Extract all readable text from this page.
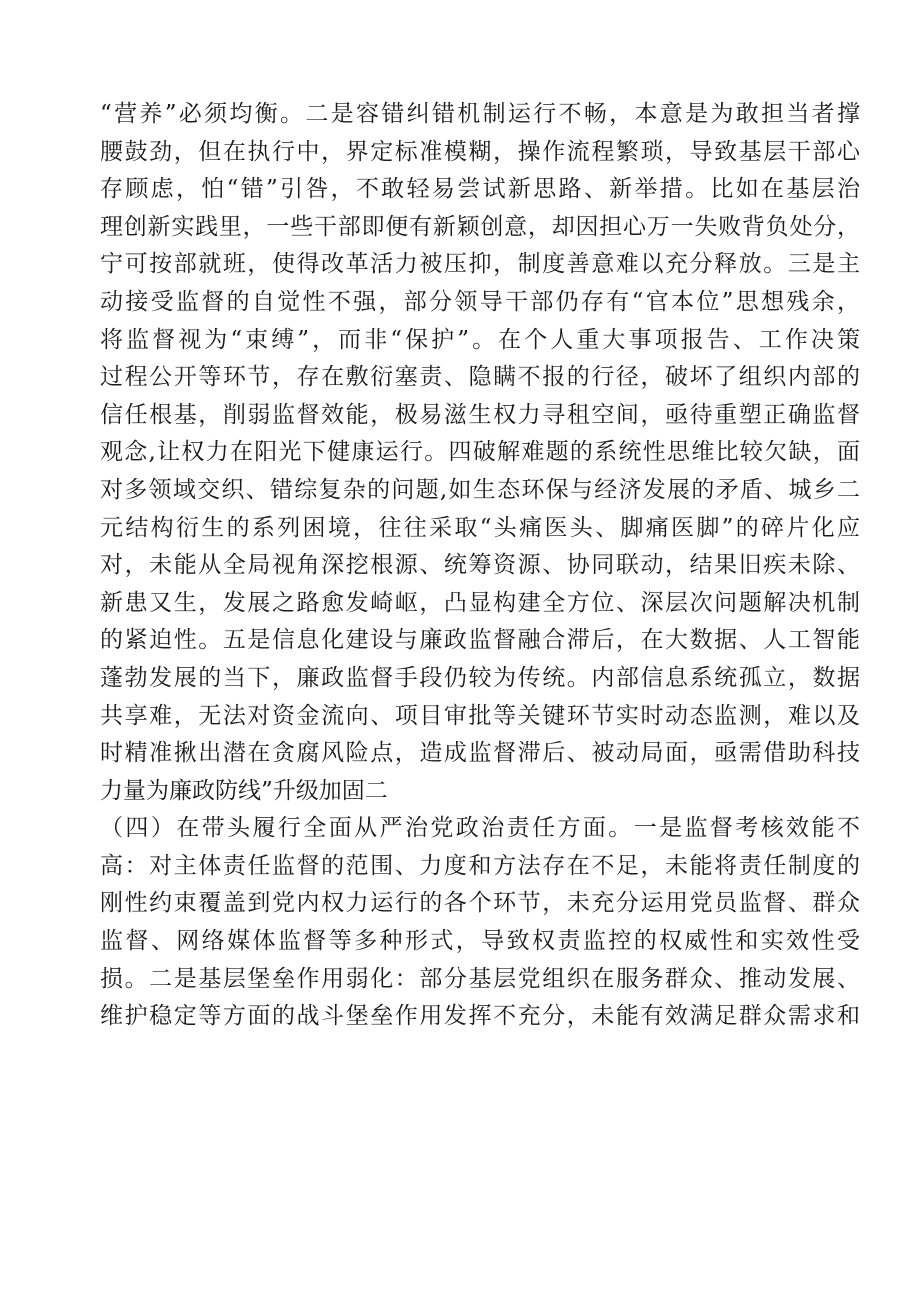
“营养”必须均衡。二是容错纠错机制运行不畅，本意是为敢担当者撑
腰鼓劲，但在执行中，界定标准模糊，操作流程繁琐，导致基层干部心
存顾虑，怕“错”引咎，不敢轻易尝试新思路、新举措。比如在基层治
理创新实践里，一些干部即便有新颖创意，却因担心万一失败背负处分，
宁可按部就班，使得改革活力被压抑，制度善意难以充分释放。三是主
动接受监督的自觉性不强，部分领导干部仍存有“官本位”思想残余，
将监督视为“束缚”，而非“保护”。在个人重大事项报告、工作决策
过程公开等环节，存在敷衍塞责、隐瞒不报的行径，破坏了组织内部的
信任根基，削弱监督效能，极易滋生权力寻租空间，亟待重塑正确监督
观念,让权力在阳光下健康运行。四破解难题的系统性思维比较欠缺，面
对多领域交织、错综复杂的问题,如生态环保与经济发展的矛盾、城乡二
元结构衍生的系列困境，往往采取“头痛医头、脚痛医脚”的碎片化应
对，未能从全局视角深挖根源、统筹资源、协同联动，结果旧疾未除、
新患又生，发展之路愈发崎岖，凸显构建全方位、深层次问题解决机制
的紧迫性。五是信息化建设与廉政监督融合滞后，在大数据、人工智能
蓬勃发展的当下，廉政监督手段仍较为传统。内部信息系统孤立，数据
共享难，无法对资金流向、项目审批等关键环节实时动态监测，难以及
时精准揪出潜在贪腐风险点，造成监督滞后、被动局面，亟需借助科技
力量为廉政防线”升级加固二
（四）在带头履行全面从严治党政治责任方面。一是监督考核效能不
高：对主体责任监督的范围、力度和方法存在不足，未能将责任制度的
刚性约束覆盖到党内权力运行的各个环节，未充分运用党员监督、群众
监督、网络媒体监督等多种形式，导致权责监控的权威性和实效性受
损。二是基层堡垒作用弱化：部分基层党组织在服务群众、推动发展、
维护稳定等方面的战斗堡垒作用发挥不充分，未能有效满足群众需求和
